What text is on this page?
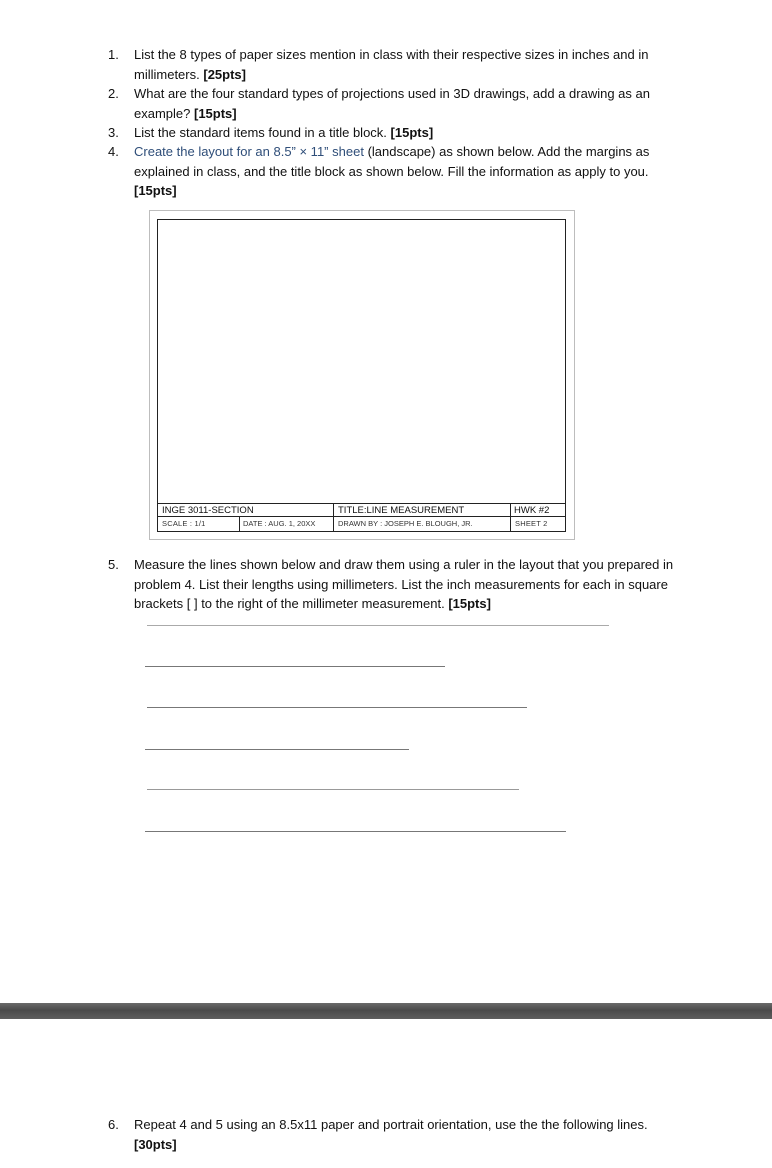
1.	List the 8 types of paper sizes mention in class with their respective sizes in inches and in millimeters. [25pts]
2.	What are the four standard types of projections used in 3D drawings, add a drawing as an example? [15pts]
3.	List the standard items found in a title block. [15pts]
4.	Create the layout for an 8.5” × 11” sheet (landscape) as shown below. Add the margins as explained in class, and the title block as shown below. Fill the information as apply to you.
[15pts]
INGE 3011-SECTION	TITLE:LINE MEASUREMENT	HWK #2
SCALE : 1/1	DATE : AUG. 1, 20XX	DRAWN BY : JOSEPH E. BLOUGH, JR.	SHEET 2
5.	Measure the lines shown below and draw them using a ruler in the layout that you prepared in problem 4. List their lengths using millimeters. List the inch measurements for each in square brackets [ ] to the right of the millimeter measurement. [15pts]
6.	Repeat 4 and 5 using an 8.5x11 paper and portrait orientation, use the the following lines.
[30pts]
